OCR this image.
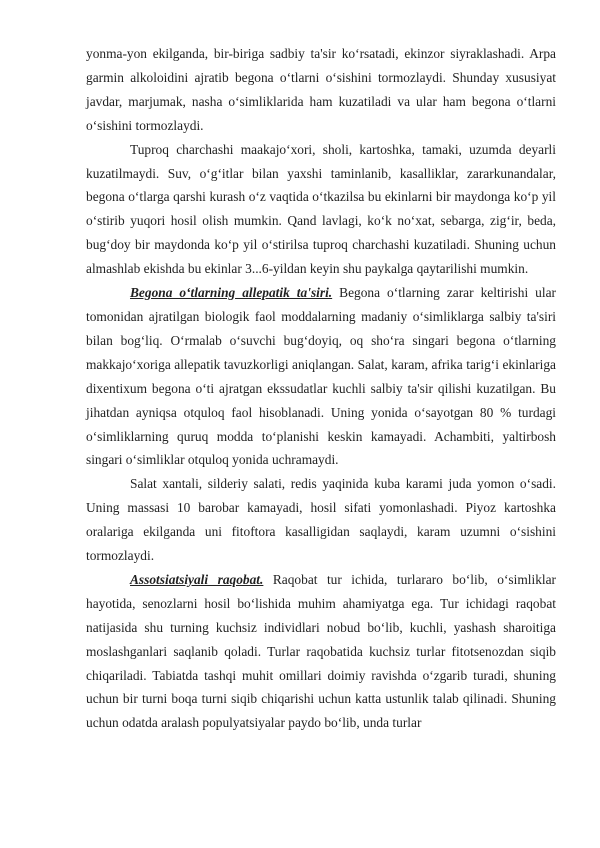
yonma-yon ekilganda, bir-biriga sadbiy ta'sir ko‘rsatadi, ekinzor siyraklashadi. Arpa garmin alkoloidini ajratib begona o‘tlarni o‘sishini tormozlaydi. Shunday xususiyat javdar, marjumak, nasha o‘simliklarida ham kuzatiladi va ular ham begona o‘tlarni o‘sishini tormozlaydi.

Tuproq charchashi maakajo‘xori, sholi, kartoshka, tamaki, uzumda deyarli kuzatilmaydi. Suv, o‘g‘itlar bilan yaxshi taminlanib, kasalliklar, zararkunandalar, begona o‘tlarga qarshi kurash o‘z vaqtida o‘tkazilsa bu ekinlarni bir maydonga ko‘p yil o‘stirib yuqori hosil olish mumkin. Qand lavlagi, ko‘k no‘xat, sebarga, zig‘ir, beda, bug‘doy bir maydonda ko‘p yil o‘stirilsa tuproq charchashi kuzatiladi. Shuning uchun almashlab ekishda bu ekinlar 3...6-yildan keyin shu paykalga qaytarilishi mumkin.

Begona o‘tlarning allepatik ta'siri. Begona o‘tlarning zarar keltirishi ular tomonidan ajratilgan biologik faol moddalarning madaniy o‘simliklarga salbiy ta'siri bilan bog‘liq. O‘rmalab o‘suvchi bug‘doyiq, oq sho‘ra singari begona o‘tlarning makkajo‘xoriga allepatik tavuzkorligi aniqlangan. Salat, karam, afrika tarig‘i ekinlariga dixentixum begona o‘ti ajratgan ekssudatlar kuchli salbiy ta'sir qilishi kuzatilgan. Bu jihatdan ayniqsa otquloq faol hisoblanadi. Uning yonida o‘sayotgan 80 % turdagi o‘simliklarning quruq modda to‘planishi keskin kamayadi. Achambiti, yaltirbosh singari o‘simliklar otquloq yonida uchramaydi.

Salat xantali, silderiy salati, redis yaqinida kuba karami juda yomon o‘sadi. Uning massasi 10 barobar kamayadi, hosil sifati yomonlashadi. Piyoz kartoshka oralariga ekilganda uni fitoftora kasalligidan saqlaydi, karam uzumni o‘sishini tormozlaydi.

Assotsiatsiyali raqobat. Raqobat tur ichida, turlararo bo‘lib, o‘simliklar hayotida, senozlarni hosil bo‘lishida muhim ahamiyatga ega. Tur ichidagi raqobat natijasida shu turning kuchsiz individlari nobud bo‘lib, kuchli, yashash sharoitiga moslashganlari saqlanib qoladi. Turlar raqobatida kuchsiz turlar fitotsenozdan siqib chiqariladi. Tabiatda tashqi muhit omillari doimiy ravishda o‘zgarib turadi, shuning uchun bir turni boqa turni siqib chiqarishi uchun katta ustunlik talab qilinadi. Shuning uchun odatda aralash populyatsiyalar paydo bo‘lib, unda turlar
